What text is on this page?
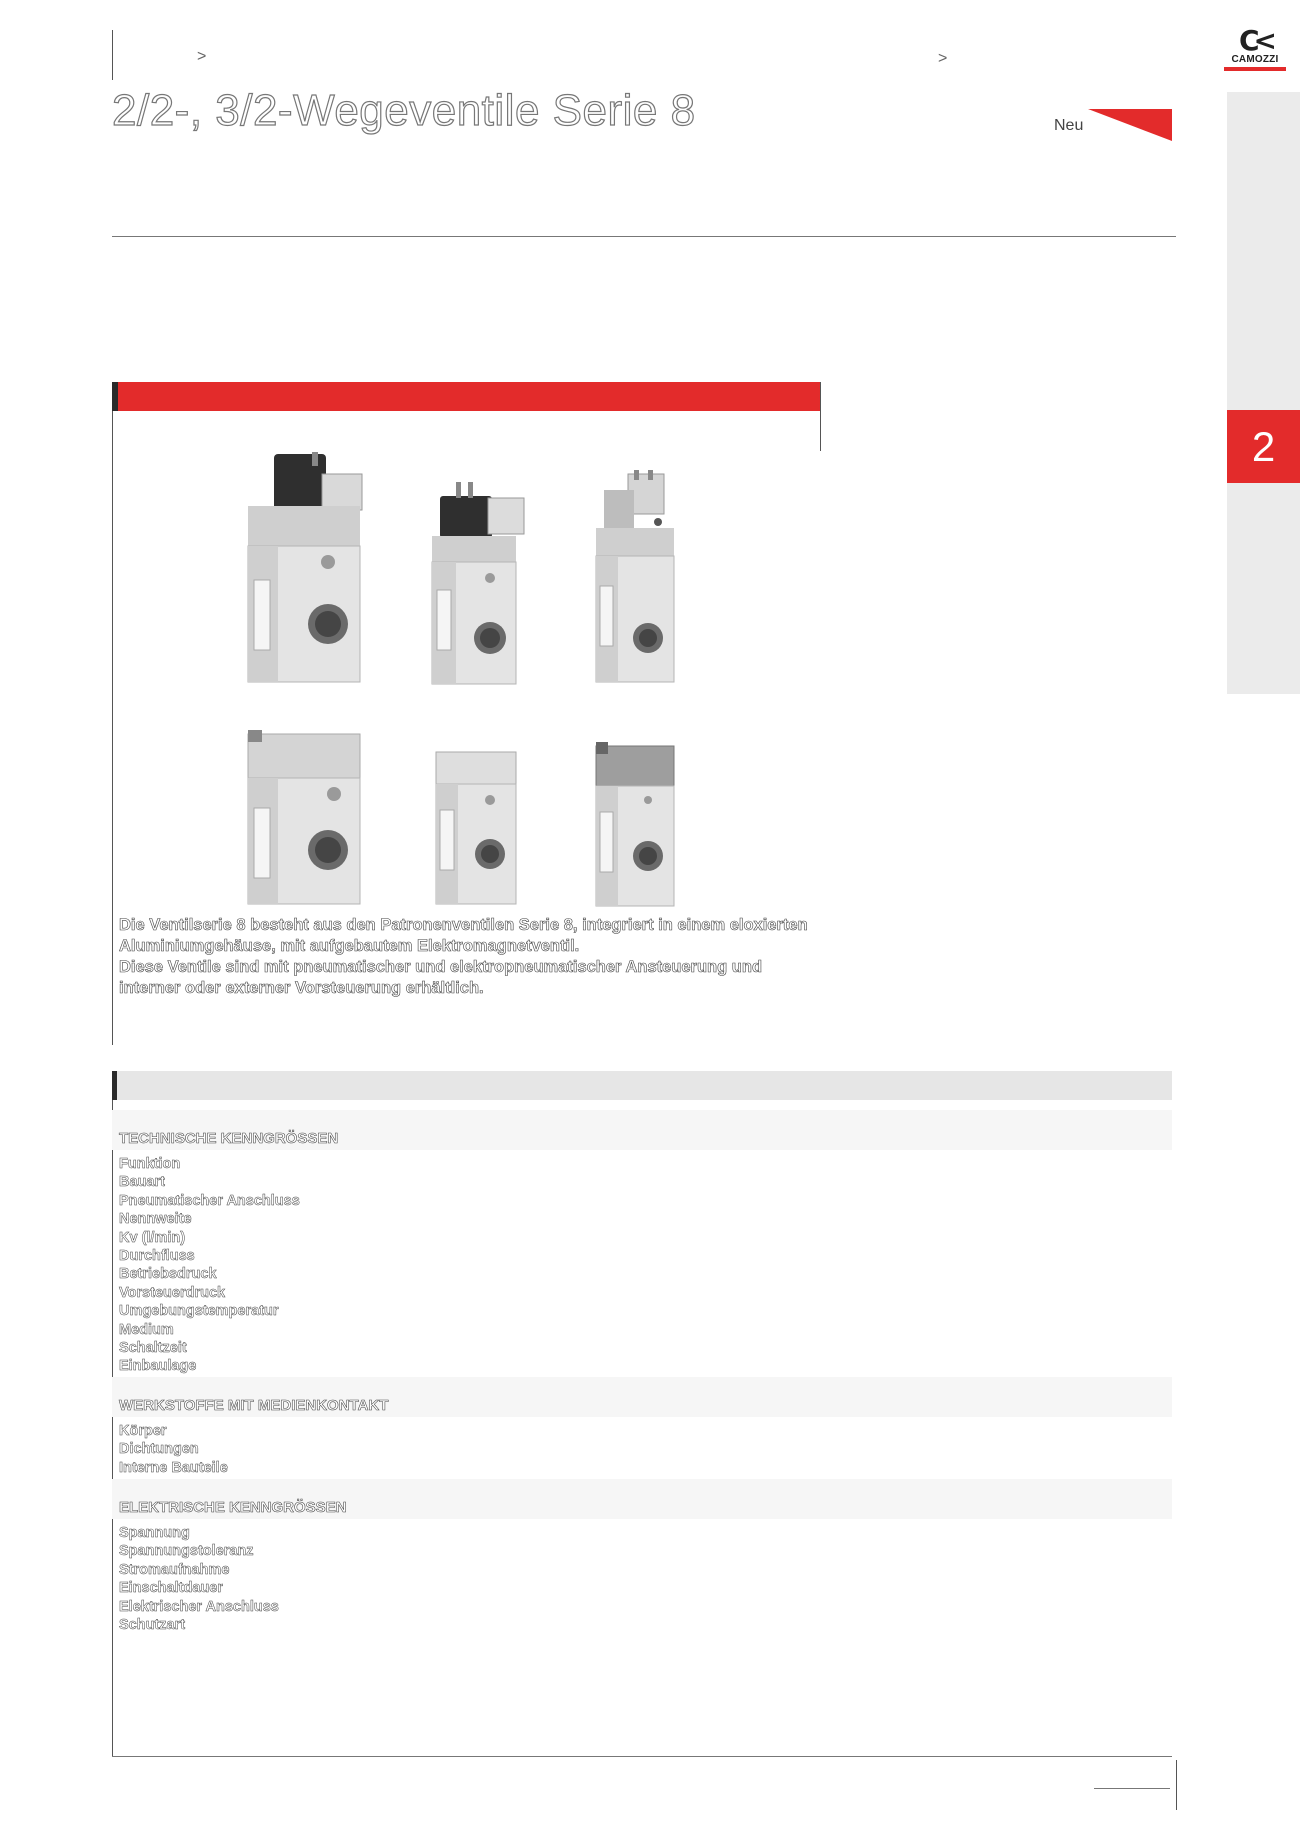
>	>
2/2-, 3/2-Wegeventile Serie 8	Neu
C<
CAMOZZI
2
Die Ventilserie 8 besteht aus den Patronenventilen Serie 8, integriert in einem eloxierten
Aluminiumgehäuse, mit aufgebautem Elektromagnetventil.
Diese Ventile sind mit pneumatischer und elektropneumatischer Ansteuerung und
interner oder externer Vorsteuerung erhältlich.
TECHNISCHE KENNGRÖSSEN
Funktion
Bauart
Pneumatischer Anschluss
Nennweite
Kv (l/min)
Durchfluss
Betriebsdruck
Vorsteuerdruck
Umgebungstemperatur
Medium
Schaltzeit
Einbaulage
WERKSTOFFE MIT MEDIENKONTAKT
Körper
Dichtungen
Interne Bauteile
ELEKTRISCHE KENNGRÖSSEN
Spannung
Spannungstoleranz
Stromaufnahme
Einschaltdauer
Elektrischer Anschluss
Schutzart
